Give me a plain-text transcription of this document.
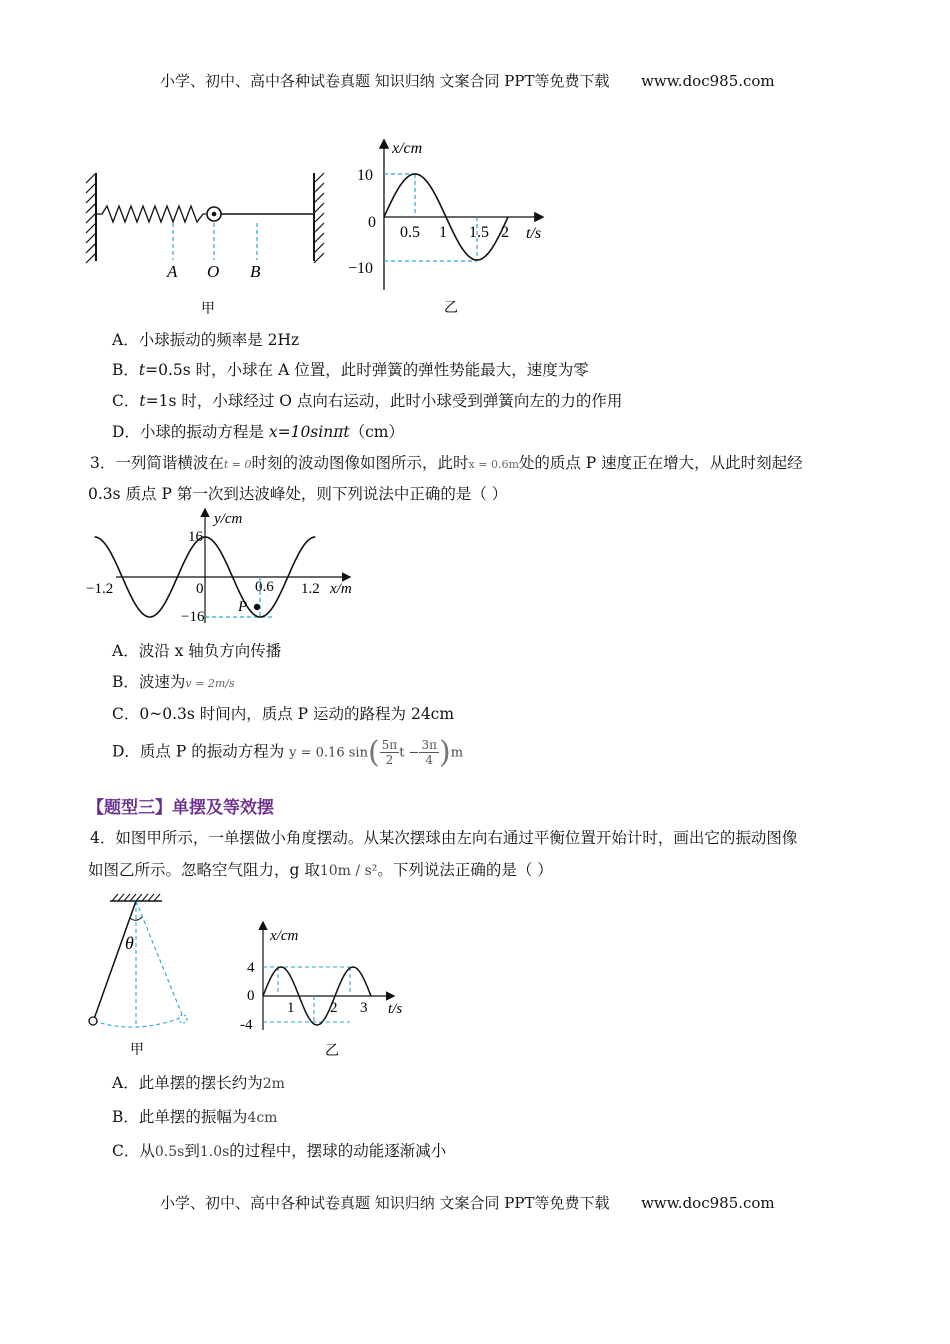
小学、初中、高中各种试卷真题 知识归纳 文案合同 PPT等免费下载 www.doc985.com
A O B
甲
x/cm
t/s
10
0
−10
0.5 1 1.5 2
乙
A．小球振动的频率是 2Hz
B．t=0.5s 时，小球在 A 位置，此时弹簧的弹性势能最大，速度为零
C．t=1s 时，小球经过 O 点向右运动，此时小球受到弹簧向左的力的作用
D．小球的振动方程是 x=10sinπt（cm）
3．一列简谐横波在t = 0时刻的波动图像如图所示，此时x = 0.6m处的质点 P 速度正在增大，从此时刻起经
0.3s 质点 P 第一次到达波峰处，则下列说法中正确的是（ ）
y/cm
x/m
16
−16
−1.2	0	0.6 1.2
P
A．波沿 x 轴负方向传播
B．波速为v = 2m/s
C．0~0.3s 时间内，质点 P 运动的路程为 24cm
D．质点 P 的振动方程为 y = 0.16 $\sin( \frac{5\pi}{2}$ $t - \frac{3\pi}{4} )m$
【题型三】单摆及等效摆
4．如图甲所示，一单摆做小角度摆动。从某次摆球由左向右通过平衡位置开始计时，画出它的振动图像
如图乙所示。忽略空气阻力，g 取10m / s²。下列说法正确的是（ ）
θ
甲
x/cm
t/s
4
0
-4
1 2 3
乙
A．此单摆的摆长约为2m
B．此单摆的振幅为4cm
C．从0.5s到1.0s的过程中，摆球的动能逐渐减小
小学、初中、高中各种试卷真题 知识归纳 文案合同 PPT等免费下载 www.doc985.com
